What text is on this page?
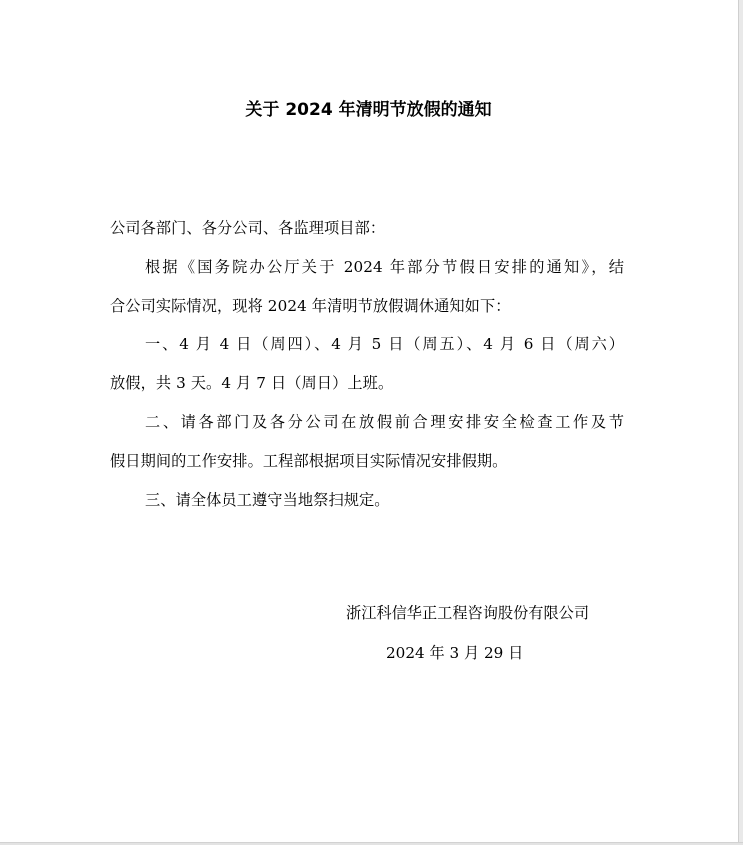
关于 2024 年清明节放假的通知
公司各部门、各分公司、各监理项目部：
根据《国务院办公厅关于 2024 年部分节假日安排的通知》，结
合公司实际情况，现将 2024 年清明节放假调休通知如下：
一、4 月 4 日（周四）、4 月 5 日（周五）、4 月 6 日（周六）
放假，共 3 天。4 月 7 日（周日）上班。
二、请各部门及各分公司在放假前合理安排安全检查工作及节
假日期间的工作安排。工程部根据项目实际情况安排假期。
三、请全体员工遵守当地祭扫规定。
浙江科信华正工程咨询股份有限公司
2024 年 3 月 29 日
